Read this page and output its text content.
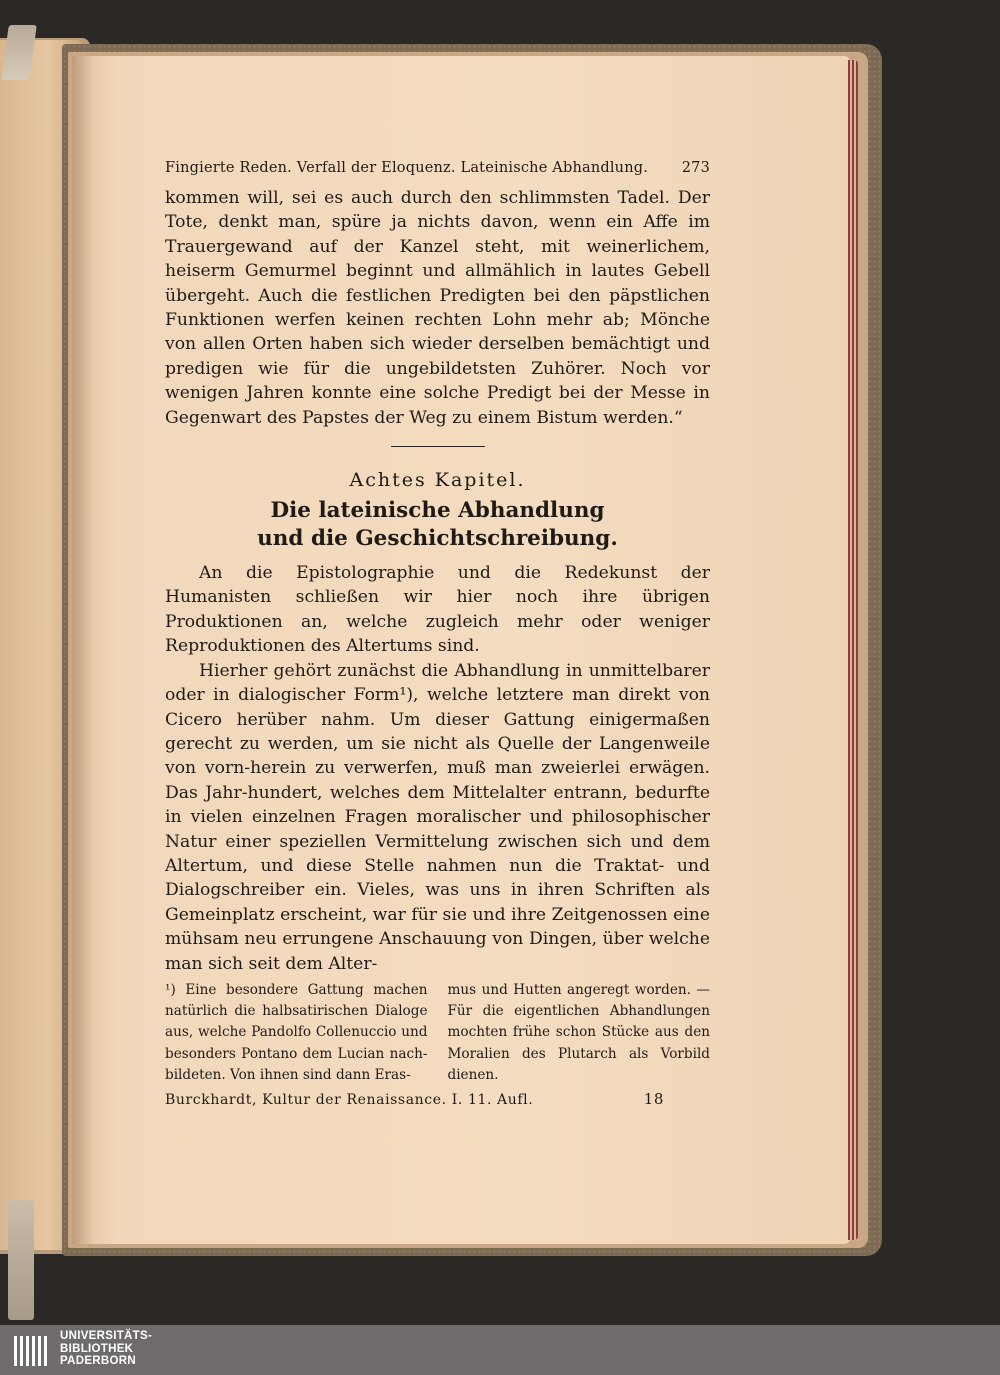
Fingierte Reden. Verfall der Eloquenz. Lateinische Abhandlung. 273

kommen will, sei es auch durch den schlimmsten Tadel. Der Tote, denkt man, spüre ja nichts davon, wenn ein Affe im Trauergewand auf der Kanzel steht, mit weinerlichem, heiserm Gemurmel beginnt und allmählich in lautes Gebell übergeht. Auch die festlichen Predigten bei den päpstlichen Funktionen werfen keinen rechten Lohn mehr ab; Mönche von allen Orten haben sich wieder derselben bemächtigt und predigen wie für die ungebildetsten Zuhörer. Noch vor wenigen Jahren konnte eine solche Predigt bei der Messe in Gegenwart des Papstes der Weg zu einem Bistum werden.“

Achtes Kapitel.
Die lateinische Abhandlung
und die Geschichtschreibung.

An die Epistolographie und die Redekunst der Humanisten schließen wir hier noch ihre übrigen Produktionen an, welche zugleich mehr oder weniger Reproduktionen des Altertums sind.

Hierher gehört zunächst die Abhandlung in unmittelbarer oder in dialogischer Form¹), welche letztere man direkt von Cicero herüber nahm. Um dieser Gattung einigermaßen gerecht zu werden, um sie nicht als Quelle der Langenweile von vorn-herein zu verwerfen, muß man zweierlei erwägen. Das Jahr-hundert, welches dem Mittelalter entrann, bedurfte in vielen einzelnen Fragen moralischer und philosophischer Natur einer speziellen Vermittelung zwischen sich und dem Altertum, und diese Stelle nahmen nun die Traktat- und Dialogschreiber ein. Vieles, was uns in ihren Schriften als Gemeinplatz erscheint, war für sie und ihre Zeitgenossen eine mühsam neu errungene Anschauung von Dingen, über welche man sich seit dem Alter-

¹) Eine besondere Gattung machen natürlich die halbsatirischen Dialoge aus, welche Pandolfo Collenuccio und besonders Pontano dem Lucian nach-bildeten. Von ihnen sind dann Eras-

mus und Hutten angeregt worden. — Für die eigentlichen Abhandlungen mochten frühe schon Stücke aus den Moralien des Plutarch als Vorbild dienen.

Burckhardt, Kultur der Renaissance. I. 11. Aufl.	18
UNIVERSITÄTS-
BIBLIOTHEK
PADERBORN
